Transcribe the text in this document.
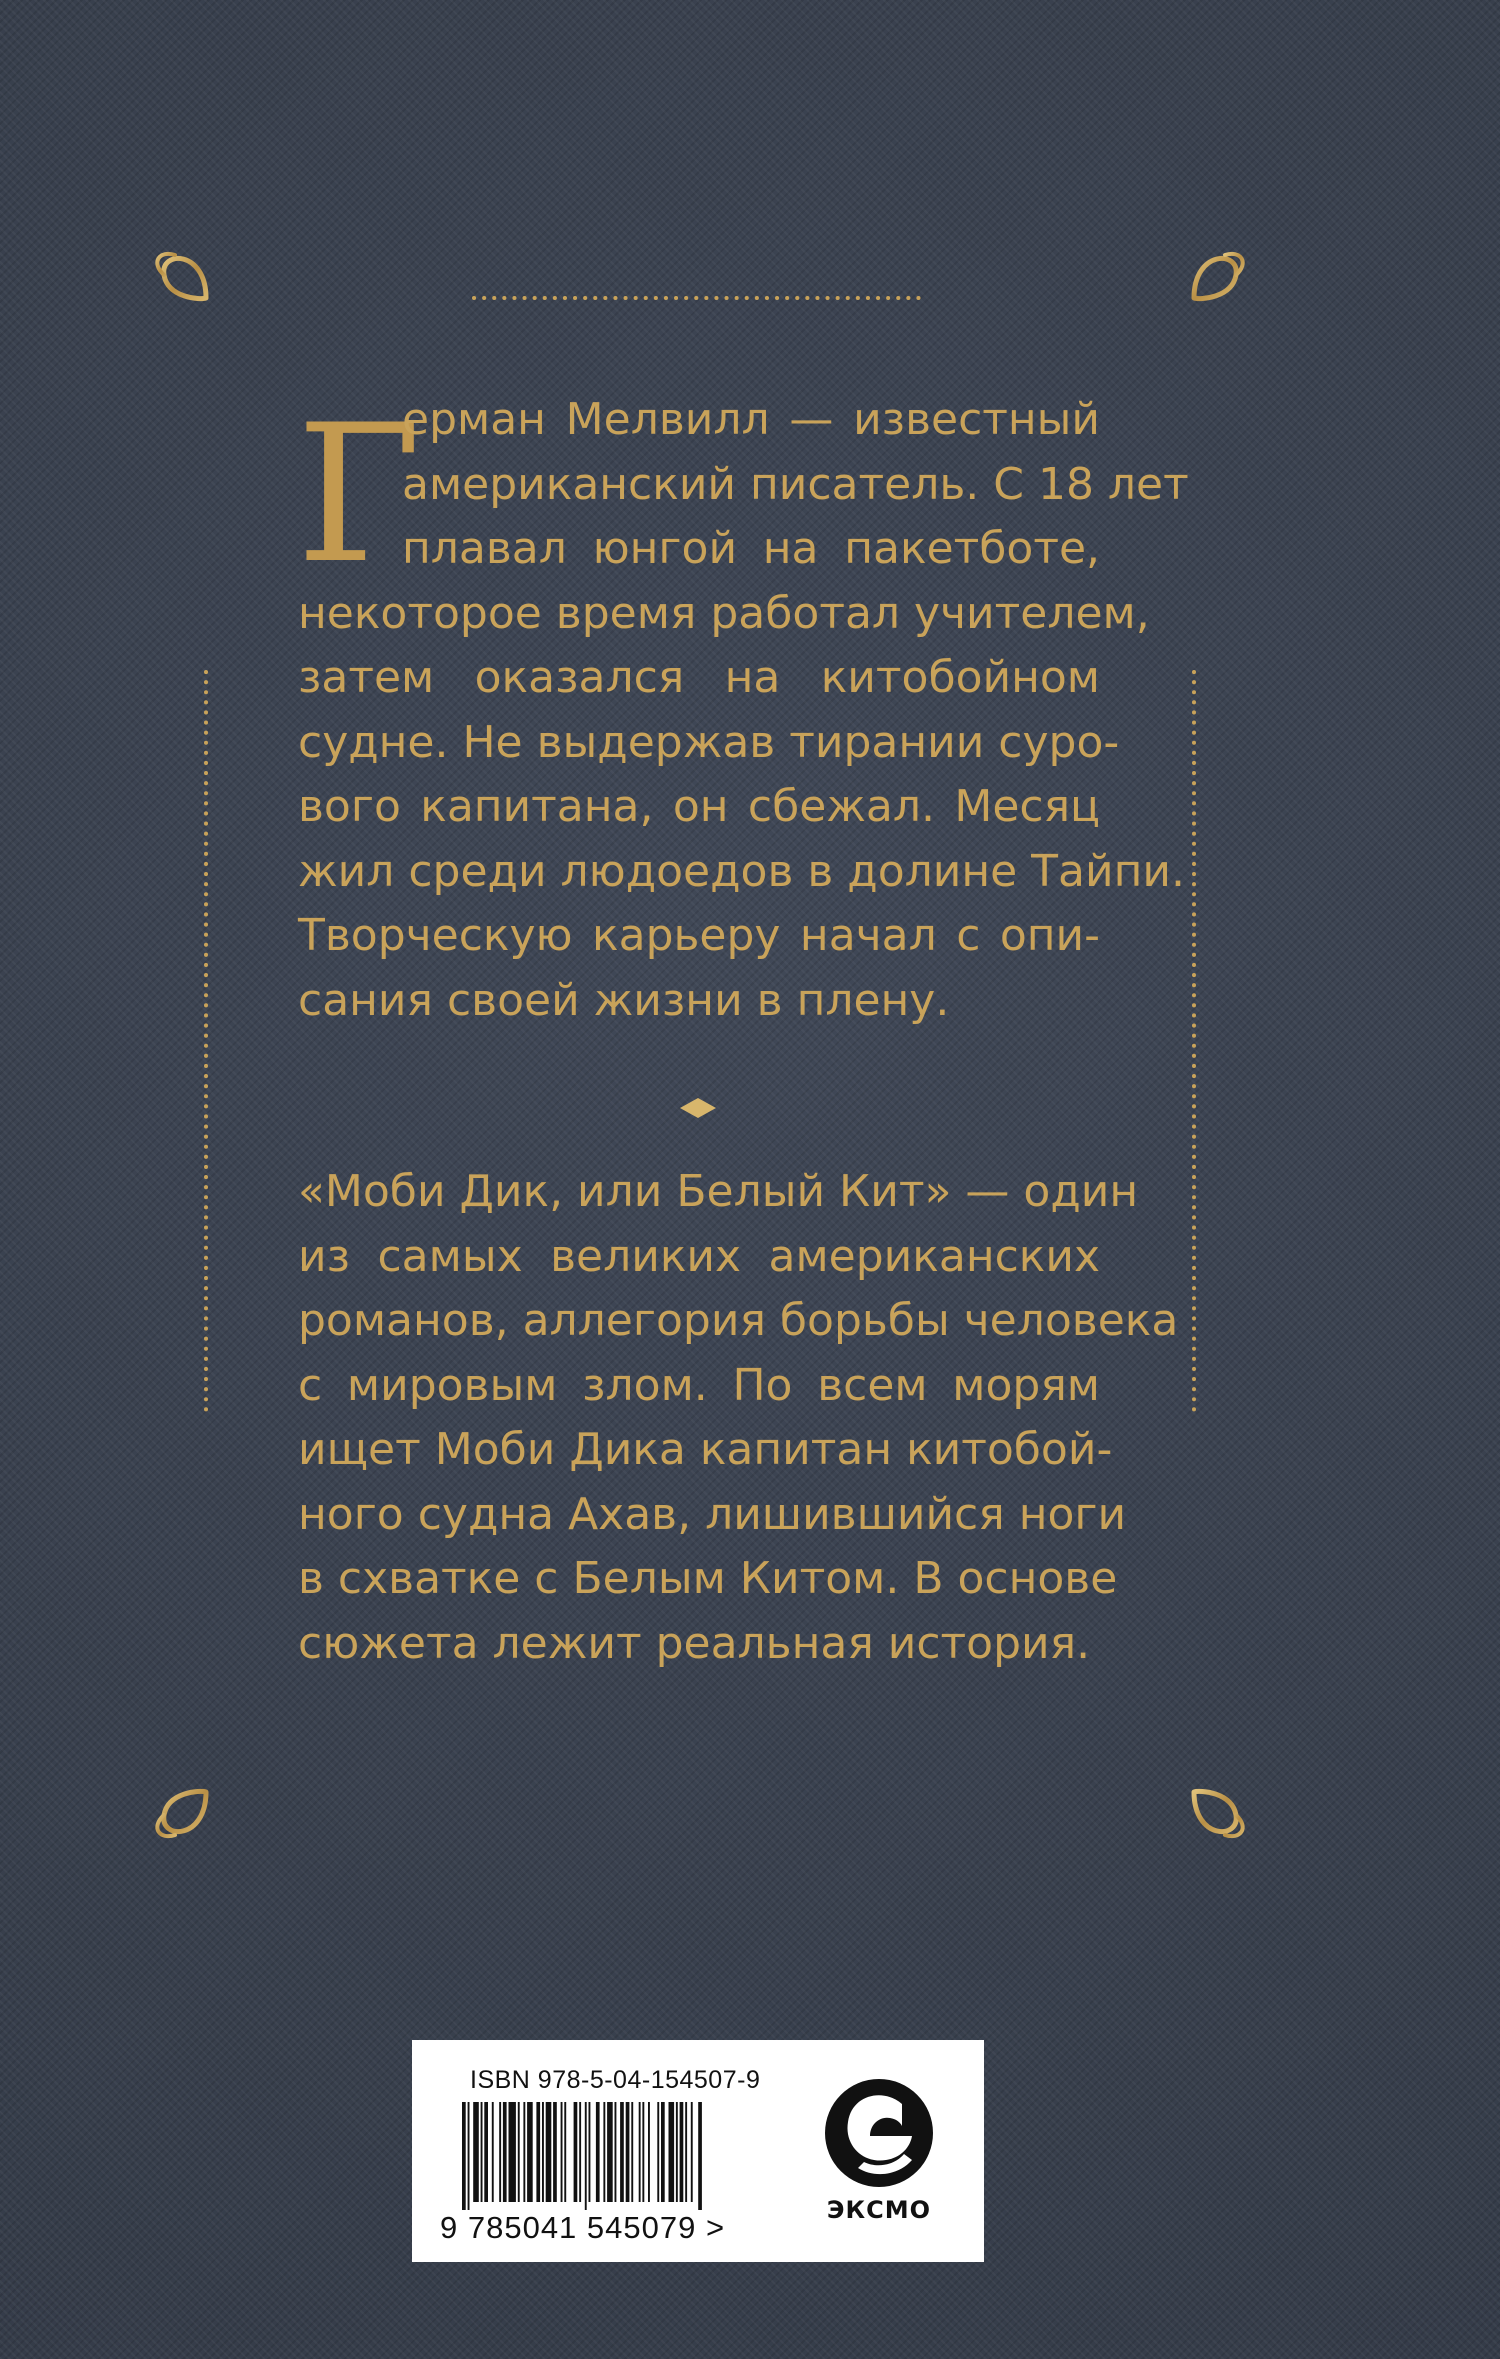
Г
ерман Мелвилл — известный
американский писатель. С 18 лет
плавал юнгой на пакетботе,
некоторое время работал учителем,
затем оказался на китобойном
судне. Не выдержав тирании суро-
вого капитана, он сбежал. Месяц
жил среди людоедов в долине Тайпи.
Творческую карьеру начал с опи-
сания своей жизни в плену.
«Моби Дик, или Белый Кит» — один
из самых великих американских
романов, аллегория борьбы человека
с мировым злом. По всем морям
ищет Моби Дика капитан китобой-
ного судна Ахав, лишившийся ноги
в схватке с Белым Китом. В основе
сюжета лежит реальная история.
ISBN 978-5-04-154507-9
9 785041 545079 >	ЭКСМО
